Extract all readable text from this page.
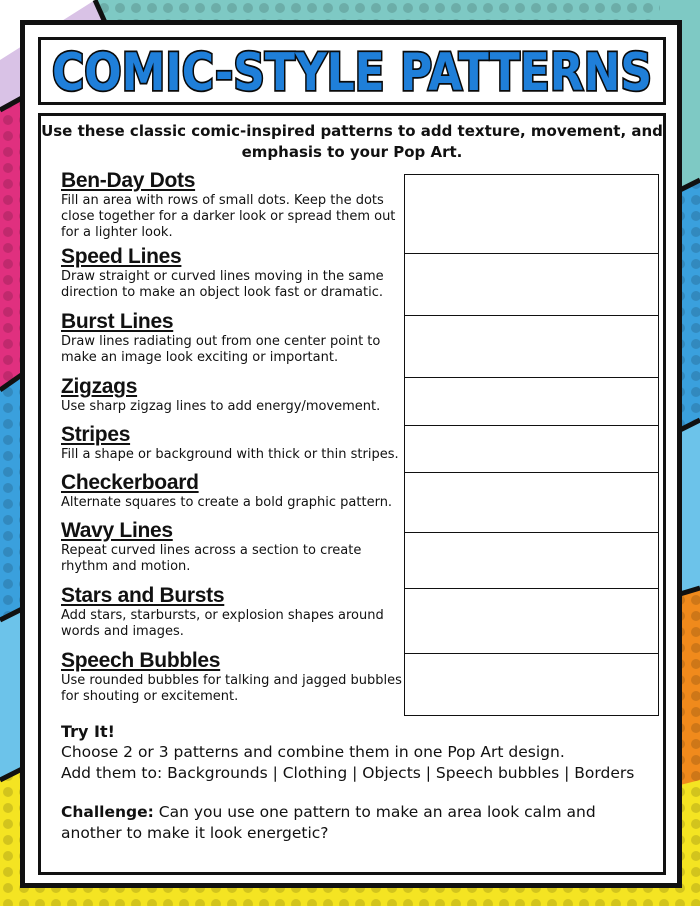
COMIC-STYLE PATTERNS
Use these classic comic-inspired patterns to add texture, movement, and emphasis to your Pop Art.
Ben-Day Dots

Fill an area with rows of small dots. Keep the dots close together for a darker look or spread them out for a lighter look.

Speed Lines

Draw straight or curved lines moving in the same direction to make an object look fast or dramatic.

Burst Lines

Draw lines radiating out from one center point to make an image look exciting or important.

Zigzags

Use sharp zigzag lines to add energy/movement.

Stripes

Fill a shape or background with thick or thin stripes.

Checkerboard

Alternate squares to create a bold graphic pattern.

Wavy Lines

Repeat curved lines across a section to create rhythm and motion.

Stars and Bursts

Add stars, starbursts, or explosion shapes around words and images.

Speech Bubbles

Use rounded bubbles for talking and jagged bubbles for shouting or excitement.

Try It!

Choose 2 or 3 patterns and combine them in one Pop Art design.

Add them to: Backgrounds | Clothing | Objects | Speech bubbles | Borders

Challenge: Can you use one pattern to make an area look calm and another to make it look energetic?
